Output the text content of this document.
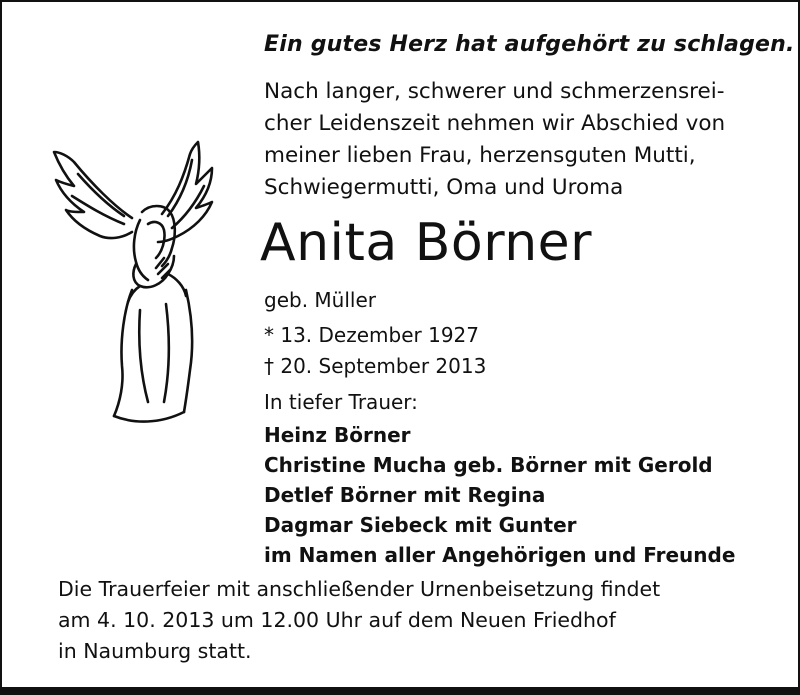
Ein gutes Herz hat aufgehört zu schlagen.

Nach langer, schwerer und schmerzensrei-
cher Leidenszeit nehmen wir Abschied von
meiner lieben Frau, herzensguten Mutti,
Schwiegermutti, Oma und Uroma
Anita Börner
geb. Müller
* 13. Dezember 1927
† 20. September 2013
In tiefer Trauer:
Heinz Börner
Christine Mucha geb. Börner mit Gerold
Detlef Börner mit Regina
Dagmar Siebeck mit Gunter
im Namen aller Angehörigen und Freunde
Die Trauerfeier mit anschließender Urnenbeisetzung findet
am 4. 10. 2013 um 12.00 Uhr auf dem Neuen Friedhof
in Naumburg statt.
